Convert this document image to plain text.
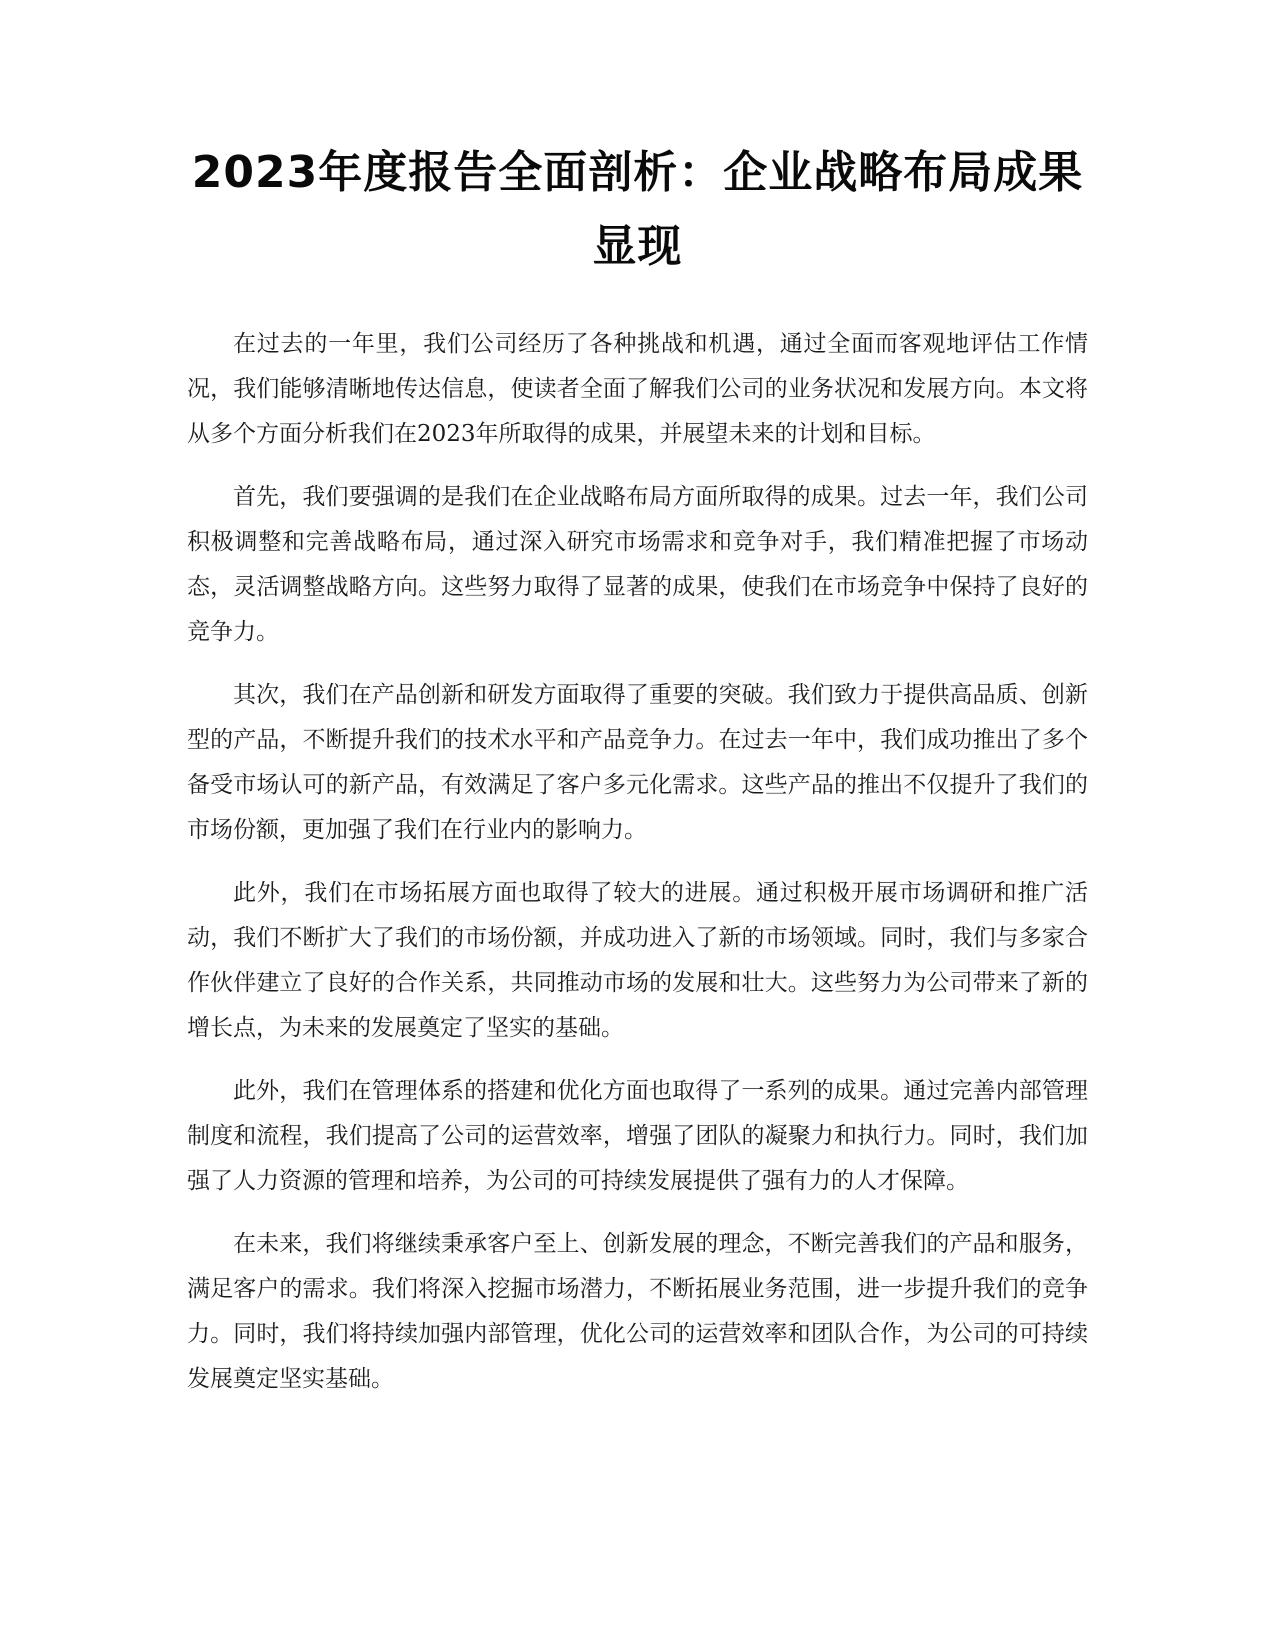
2023年度报告全面剖析：企业战略布局成果显现

在过去的一年里，我们公司经历了各种挑战和机遇，通过全面而客观地评估工作情况，我们能够清晰地传达信息，使读者全面了解我们公司的业务状况和发展方向。本文将从多个方面分析我们在2023年所取得的成果，并展望未来的计划和目标。

首先，我们要强调的是我们在企业战略布局方面所取得的成果。过去一年，我们公司积极调整和完善战略布局，通过深入研究市场需求和竞争对手，我们精准把握了市场动态，灵活调整战略方向。这些努力取得了显著的成果，使我们在市场竞争中保持了良好的竞争力。

其次，我们在产品创新和研发方面取得了重要的突破。我们致力于提供高品质、创新型的产品，不断提升我们的技术水平和产品竞争力。在过去一年中，我们成功推出了多个备受市场认可的新产品，有效满足了客户多元化需求。这些产品的推出不仅提升了我们的市场份额，更加强了我们在行业内的影响力。

此外，我们在市场拓展方面也取得了较大的进展。通过积极开展市场调研和推广活动，我们不断扩大了我们的市场份额，并成功进入了新的市场领域。同时，我们与多家合作伙伴建立了良好的合作关系，共同推动市场的发展和壮大。这些努力为公司带来了新的增长点，为未来的发展奠定了坚实的基础。

此外，我们在管理体系的搭建和优化方面也取得了一系列的成果。通过完善内部管理制度和流程，我们提高了公司的运营效率，增强了团队的凝聚力和执行力。同时，我们加强了人力资源的管理和培养，为公司的可持续发展提供了强有力的人才保障。

在未来，我们将继续秉承客户至上、创新发展的理念，不断完善我们的产品和服务，满足客户的需求。我们将深入挖掘市场潜力，不断拓展业务范围，进一步提升我们的竞争力。同时，我们将持续加强内部管理，优化公司的运营效率和团队合作，为公司的可持续发展奠定坚实基础。
